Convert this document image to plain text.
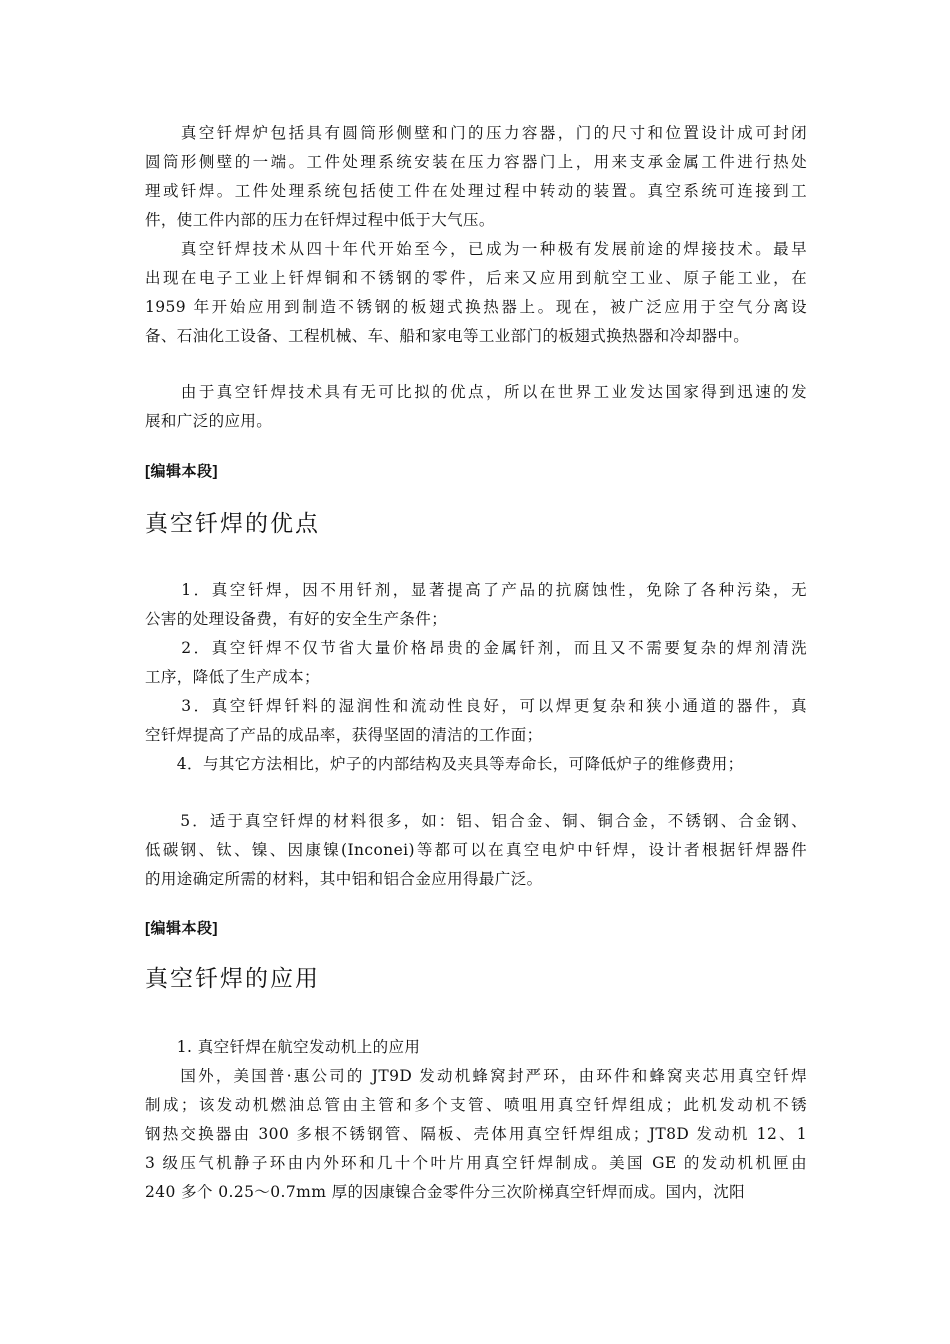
　　真空钎焊炉包括具有圆筒形侧壁和门的压力容器，门的尺寸和位置设计成可封闭
圆筒形侧壁的一端。工件处理系统安装在压力容器门上，用来支承金属工件进行热处
理或钎焊。工件处理系统包括使工件在处理过程中转动的装置。真空系统可连接到工
件，使工件内部的压力在钎焊过程中低于大气压。
　　真空钎焊技术从四十年代开始至今，已成为一种极有发展前途的焊接技术。最早
出现在电子工业上钎焊铜和不锈钢的零件，后来又应用到航空工业、原子能工业，在
1959 年开始应用到制造不锈钢的板翅式换热器上。现在，被广泛应用于空气分离设
备、石油化工设备、工程机械、车、船和家电等工业部门的板翅式换热器和冷却器中。
　　由于真空钎焊技术具有无可比拟的优点，所以在世界工业发达国家得到迅速的发
展和广泛的应用。
[编辑本段]
真空钎焊的优点
　　1．真空钎焊，因不用钎剂，显著提高了产品的抗腐蚀性，免除了各种污染，无
公害的处理设备费，有好的安全生产条件；
　　2．真空钎焊不仅节省大量价格昂贵的金属钎剂，而且又不需要复杂的焊剂清洗
工序，降低了生产成本；
　　3．真空钎焊钎料的湿润性和流动性良好，可以焊更复杂和狭小通道的器件，真
空钎焊提高了产品的成品率，获得坚固的清洁的工作面；
　　4．与其它方法相比，炉子的内部结构及夹具等寿命长，可降低炉子的维修费用；
　　5．适于真空钎焊的材料很多，如：铝、铝合金、铜、铜合金，不锈钢、合金钢、
低碳钢、钛、镍、因康镍(Inconei)等都可以在真空电炉中钎焊，设计者根据钎焊器件
的用途确定所需的材料，其中铝和铝合金应用得最广泛。
[编辑本段]
真空钎焊的应用
　　1. 真空钎焊在航空发动机上的应用
　　国外，美国普·惠公司的 JT9D 发动机蜂窝封严环，由环件和蜂窝夹芯用真空钎焊
制成；该发动机燃油总管由主管和多个支管、喷咀用真空钎焊组成；此机发动机不锈
钢热交换器由 300 多根不锈钢管、隔板、壳体用真空钎焊组成；JT8D 发动机 12、1
3 级压气机静子环由内外环和几十个叶片用真空钎焊制成。美国 GE 的发动机机匣由
240 多个 0.25～0.7mm 厚的因康镍合金零件分三次阶梯真空钎焊而成。国内，沈阳
